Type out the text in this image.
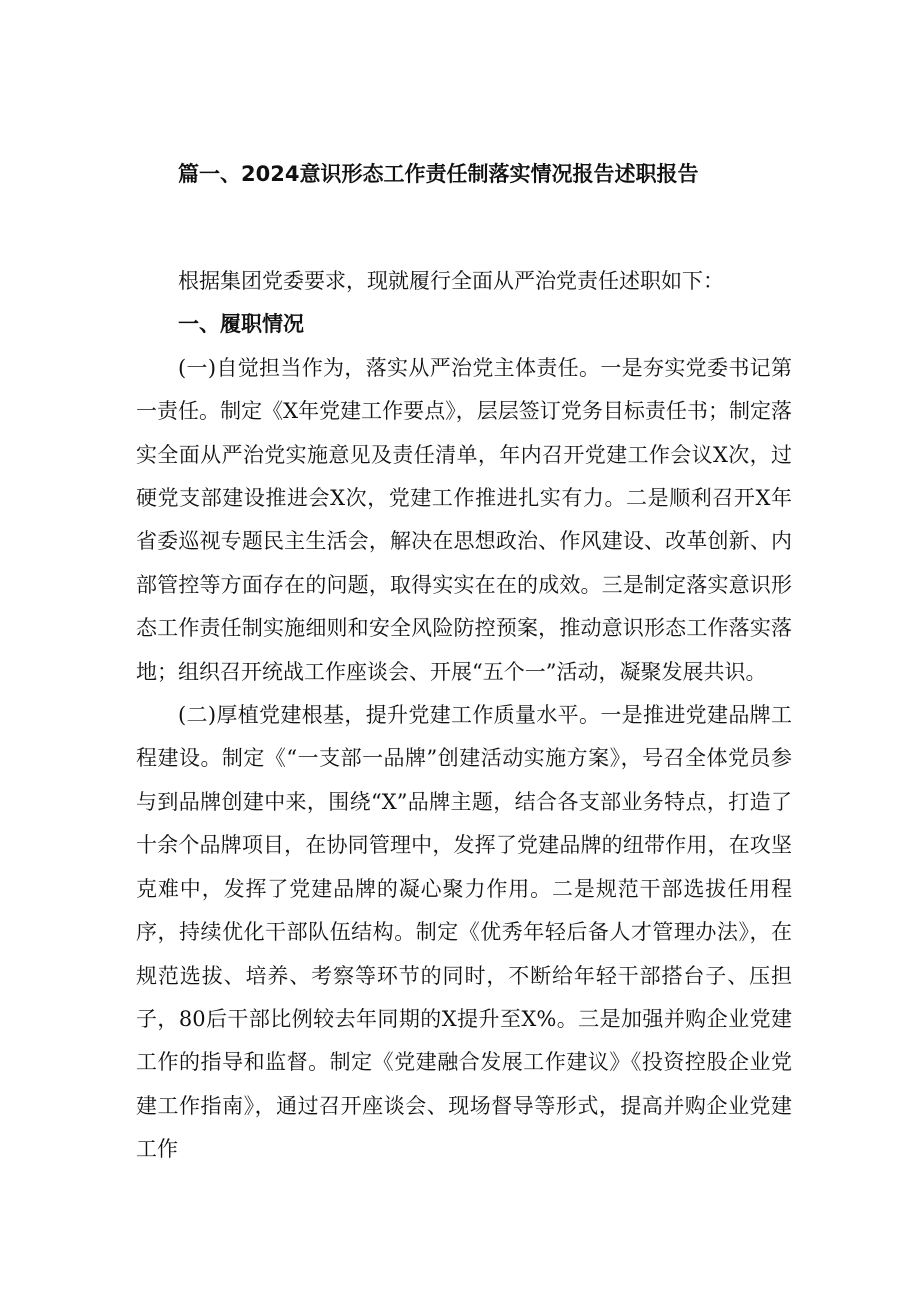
篇一、2024意识形态工作责任制落实情况报告述职报告

根据集团党委要求，现就履行全面从严治党责任述职如下：

一、履职情况

(一)自觉担当作为，落实从严治党主体责任。一是夯实党委书记第一责任。制定《X年党建工作要点》，层层签订党务目标责任书；制定落实全面从严治党实施意见及责任清单，年内召开党建工作会议X次，过硬党支部建设推进会X次，党建工作推进扎实有力。二是顺利召开X年省委巡视专题民主生活会，解决在思想政治、作风建设、改革创新、内部管控等方面存在的问题，取得实实在在的成效。三是制定落实意识形态工作责任制实施细则和安全风险防控预案，推动意识形态工作落实落地；组织召开统战工作座谈会、开展“五个一”活动，凝聚发展共识。

(二)厚植党建根基，提升党建工作质量水平。一是推进党建品牌工程建设。制定《“一支部一品牌”创建活动实施方案》，号召全体党员参与到品牌创建中来，围绕“X”品牌主题，结合各支部业务特点，打造了十余个品牌项目，在协同管理中，发挥了党建品牌的纽带作用，在攻坚克难中，发挥了党建品牌的凝心聚力作用。二是规范干部选拔任用程序，持续优化干部队伍结构。制定《优秀年轻后备人才管理办法》，在规范选拔、培养、考察等环节的同时，不断给年轻干部搭台子、压担子，80后干部比例较去年同期的X提升至X%。三是加强并购企业党建工作的指导和监督。制定《党建融合发展工作建议》《投资控股企业党建工作指南》，通过召开座谈会、现场督导等形式，提高并购企业党建工作
